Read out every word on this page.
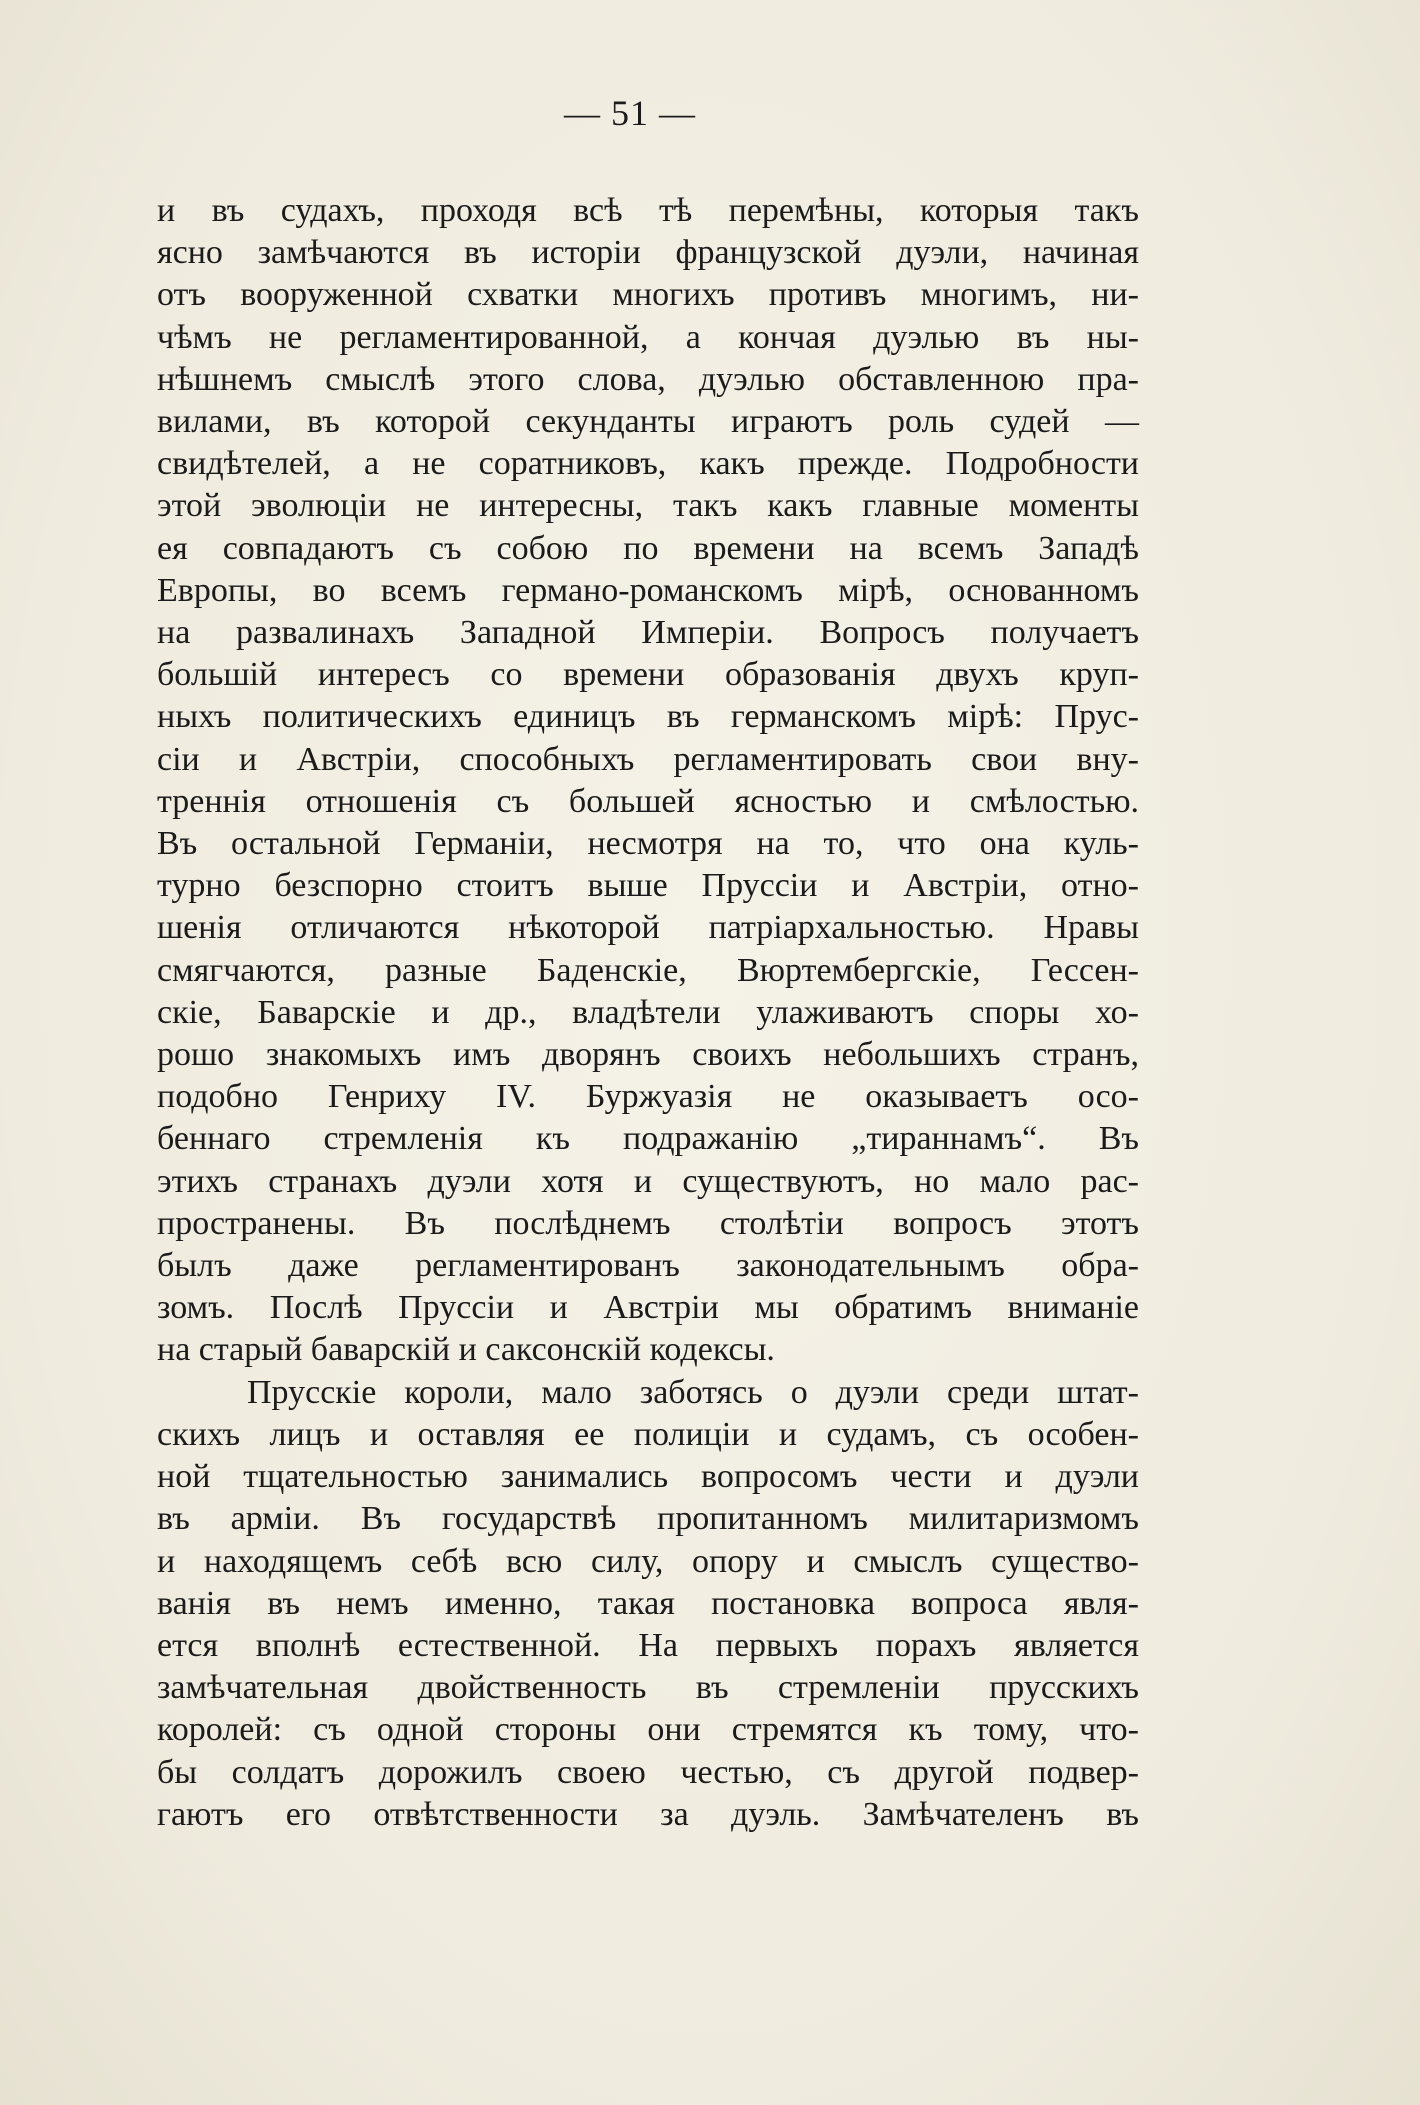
— 51 —
и въ судахъ, проходя всѣ тѣ перемѣны, которыя такъ
ясно замѣчаются въ исторіи французской дуэли, начиная
отъ вооруженной схватки многихъ противъ многимъ, ни-
чѣмъ не регламентированной, а кончая дуэлью въ ны-
нѣшнемъ смыслѣ этого слова, дуэлью обставленною пра-
вилами, въ которой секунданты играютъ роль судей —
свидѣтелей, а не соратниковъ, какъ прежде. Подробности
этой эволюціи не интересны, такъ какъ главные моменты
ея совпадаютъ съ собою по времени на всемъ Западѣ
Европы, во всемъ германо-романскомъ мірѣ, основанномъ
на развалинахъ Западной Имперіи. Вопросъ получаетъ
большій интересъ со времени образованія двухъ круп-
ныхъ политическихъ единицъ въ германскомъ мірѣ: Прус-
сіи и Австріи, способныхъ регламентировать свои вну-
треннія отношенія съ большей ясностью и смѣлостью.
Въ остальной Германіи, несмотря на то, что она куль-
турно безспорно стоитъ выше Пруссіи и Австріи, отно-
шенія отличаются нѣкоторой патріархальностью. Нравы
смягчаются, разные Баденскіе, Вюртембергскіе, Гессен-
скіе, Баварскіе и др., владѣтели улаживаютъ споры хо-
рошо знакомыхъ имъ дворянъ своихъ небольшихъ странъ,
подобно Генриху IV. Буржуазія не оказываетъ осо-
беннаго стремленія къ подражанію „тираннамъ“. Въ
этихъ странахъ дуэли хотя и существуютъ, но мало рас-
пространены. Въ послѣднемъ столѣтіи вопросъ этотъ
былъ даже регламентированъ законодательнымъ обра-
зомъ. Послѣ Пруссіи и Австріи мы обратимъ вниманіе
на старый баварскій и саксонскій кодексы.
Прусскіе короли, мало заботясь о дуэли среди штат-
скихъ лицъ и оставляя ее полиціи и судамъ, съ особен-
ной тщательностью занимались вопросомъ чести и дуэли
въ арміи. Въ государствѣ пропитанномъ милитаризмомъ
и находящемъ себѣ всю силу, опору и смыслъ существо-
ванія въ немъ именно, такая постановка вопроса явля-
ется вполнѣ естественной. На первыхъ порахъ является
замѣчательная двойственность въ стремленіи прусскихъ
королей: съ одной стороны они стремятся къ тому, что-
бы солдатъ дорожилъ своею честью, съ другой подвер-
гаютъ его отвѣтственности за дуэль. Замѣчателенъ въ
